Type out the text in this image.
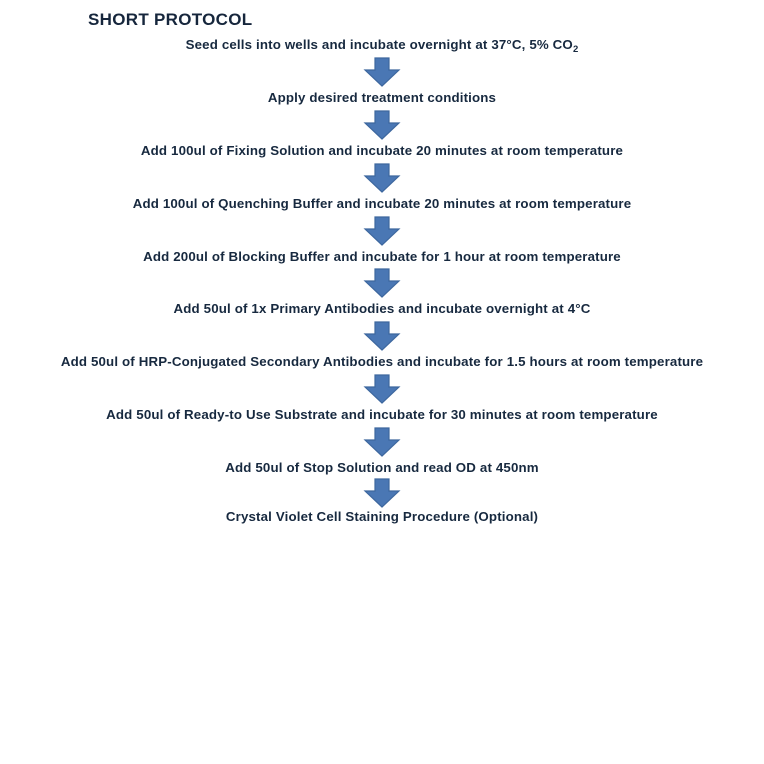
SHORT PROTOCOL
Seed cells into wells and incubate overnight at 37°C, 5% $CO_2$
Apply desired treatment conditions
Add 100ul of Fixing Solution and incubate 20 minutes at room temperature
Add 100ul of Quenching Buffer and incubate 20 minutes at room temperature
Add 200ul of Blocking Buffer and incubate for 1 hour at room temperature
Add 50ul of 1x Primary Antibodies and incubate overnight at 4°C
Add 50ul of HRP-Conjugated Secondary Antibodies and incubate for 1.5 hours at room temperature
Add 50ul of Ready-to Use Substrate and incubate for 30 minutes at room temperature
Add 50ul of Stop Solution and read OD at 450nm
Crystal Violet Cell Staining Procedure (Optional)
